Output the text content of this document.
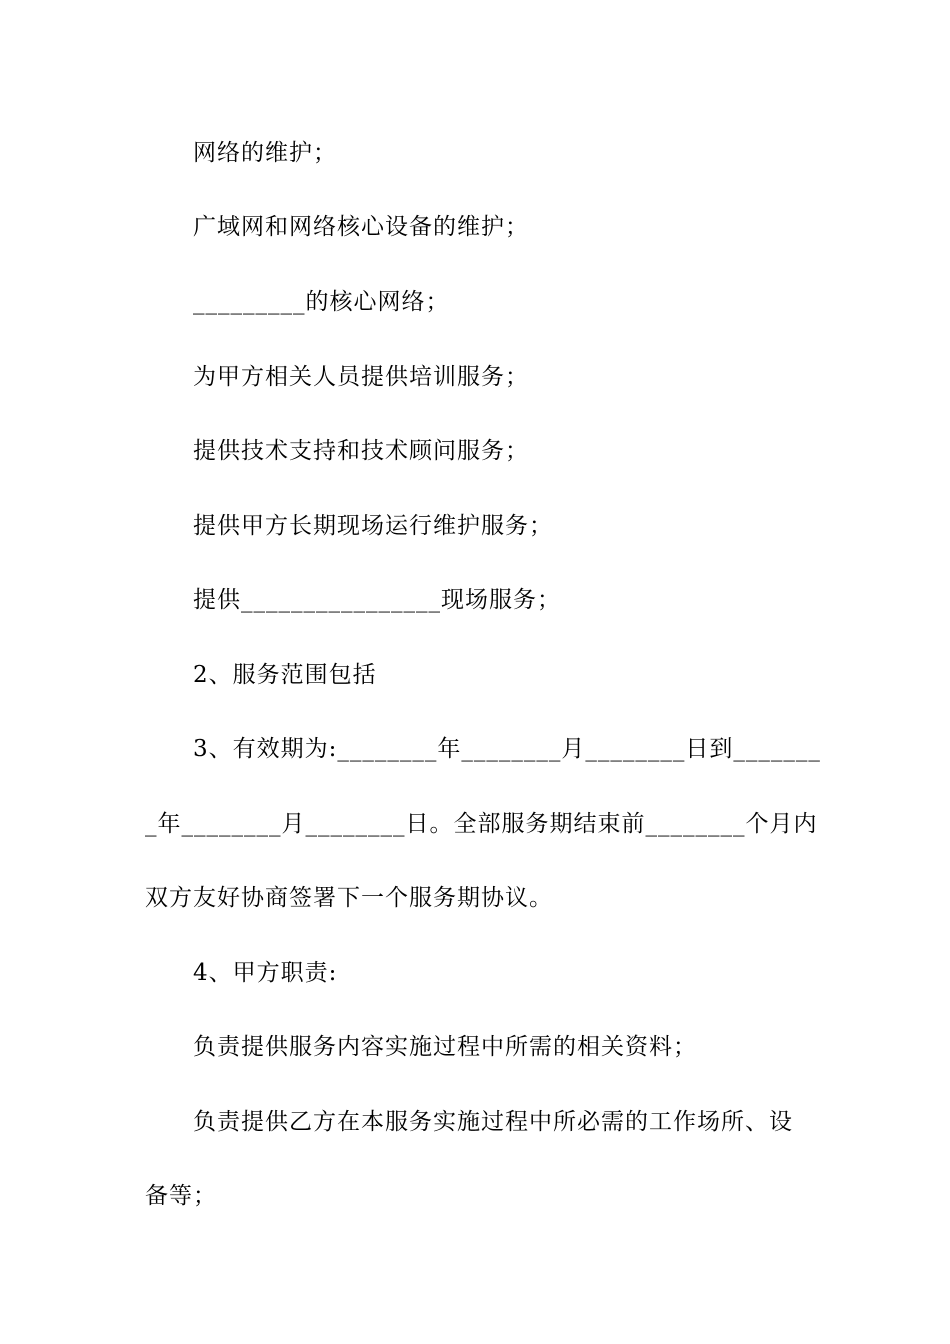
网络的维护；
广域网和网络核心设备的维护；
_________的核心网络；
为甲方相关人员提供培训服务；
提供技术支持和技术顾问服务；
提供甲方长期现场运行维护服务；
提供________________现场服务；
2、服务范围包括
3、有效期为:________年________月________日到_______
_年________月________日。全部服务期结束前________个月内
双方友好协商签署下一个服务期协议。
4、甲方职责:
负责提供服务内容实施过程中所需的相关资料；
负责提供乙方在本服务实施过程中所必需的工作场所、设
备等；
